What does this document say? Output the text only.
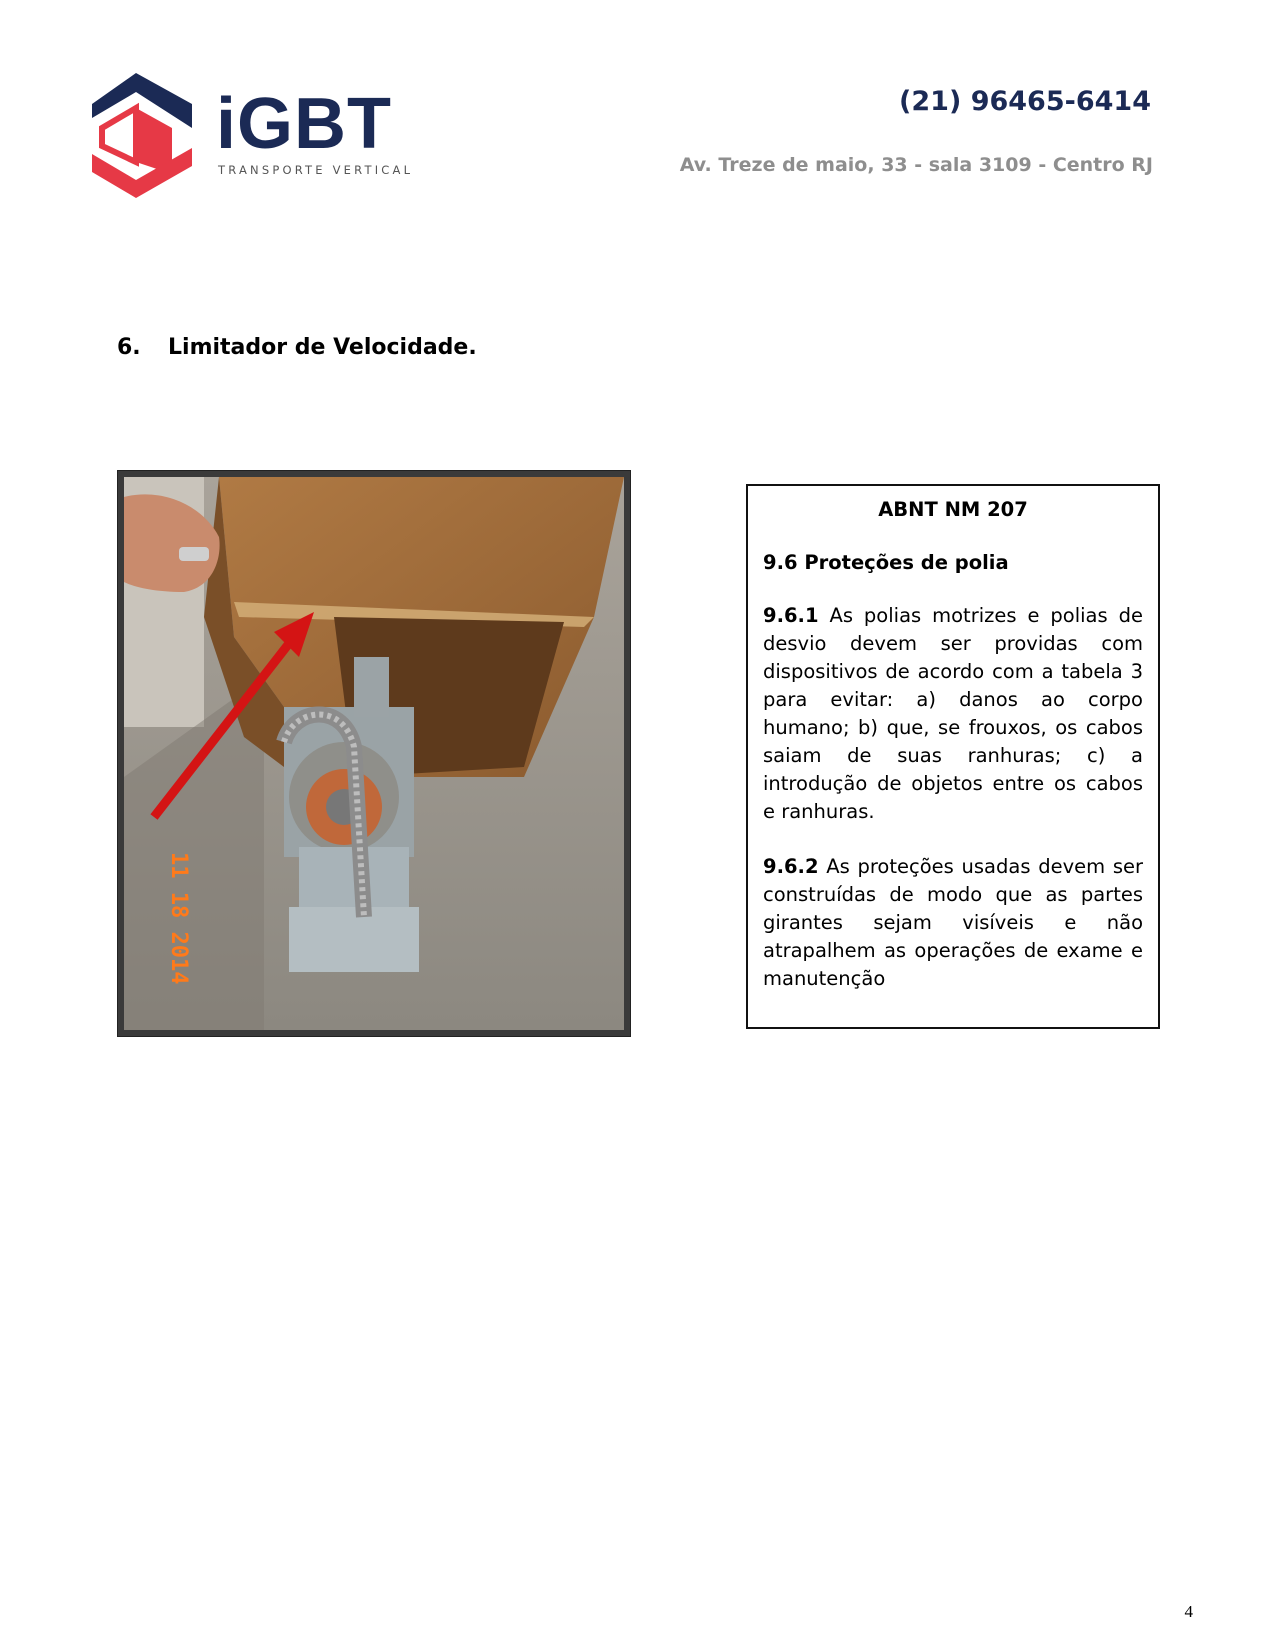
iGBT
TRANSPORTE VERTICAL
(21) 96465-6414
Av. Treze de maio, 33 - sala 3109 - Centro RJ
6. Limitador de Velocidade.
11 18 2014

ABNT NM 207

9.6 Proteções de polia

9.6.1 As polias motrizes e polias de desvio devem ser providas com dispositivos de acordo com a tabela 3 para evitar: a) danos ao corpo humano; b) que, se frouxos, os cabos saiam de suas ranhuras; c) a introdução de objetos entre os cabos e ranhuras.

9.6.2 As proteções usadas devem ser construídas de modo que as partes girantes sejam visíveis e não atrapalhem as operações de exame e manutenção

4
